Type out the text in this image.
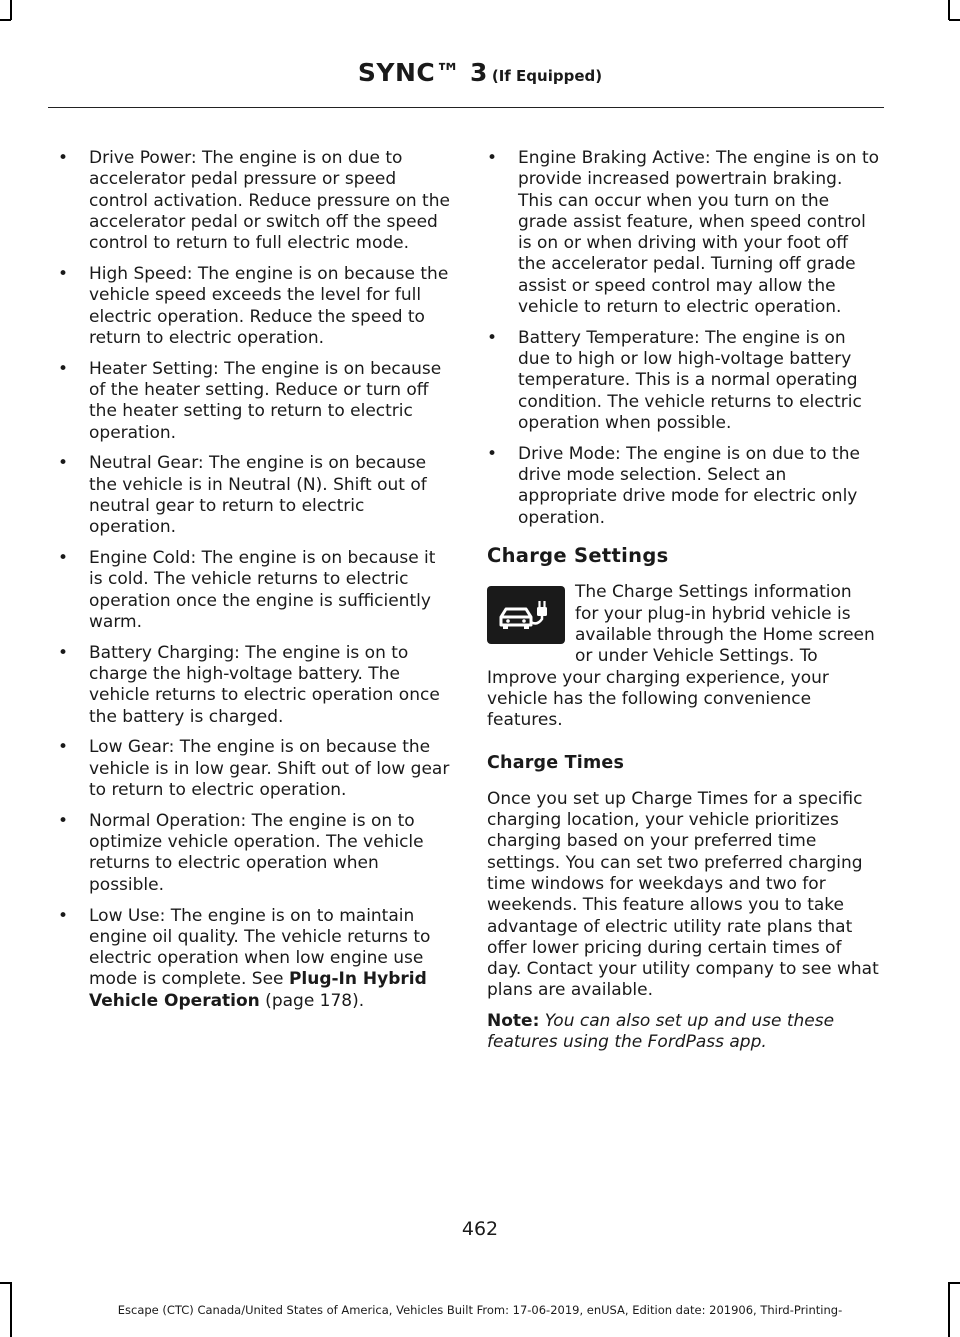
SYNC™ 3 (If Equipped)
• Drive Power: The engine is on due to accelerator pedal pressure or speed control activation. Reduce pressure on the accelerator pedal or switch off the speed control to return to full electric mode.
• High Speed: The engine is on because the vehicle speed exceeds the level for full electric operation. Reduce the speed to return to electric operation.
• Heater Setting: The engine is on because of the heater setting. Reduce or turn off the heater setting to return to electric operation.
• Neutral Gear: The engine is on because the vehicle is in Neutral (N). Shift out of neutral gear to return to electric operation.
• Engine Cold: The engine is on because it is cold. The vehicle returns to electric operation once the engine is sufficiently warm.
• Battery Charging: The engine is on to charge the high-voltage battery. The vehicle returns to electric operation once the battery is charged.
• Low Gear: The engine is on because the vehicle is in low gear. Shift out of low gear to return to electric operation.
• Normal Operation: The engine is on to optimize vehicle operation. The vehicle returns to electric operation when possible.
• Low Use: The engine is on to maintain engine oil quality. The vehicle returns to electric operation when low engine use mode is complete. See Plug-In Hybrid Vehicle Operation (page 178).
• Engine Braking Active: The engine is on to provide increased powertrain braking. This can occur when you turn on the grade assist feature, when speed control is on or when driving with your foot off the accelerator pedal. Turning off grade assist or speed control may allow the vehicle to return to electric operation.
• Battery Temperature: The engine is on due to high or low high-voltage battery temperature. This is a normal operating condition. The vehicle returns to electric operation when possible.
• Drive Mode: The engine is on due to the drive mode selection. Select an appropriate drive mode for electric only operation.
Charge Settings
The Charge Settings information for your plug-in hybrid vehicle is available through the Home screen or under Vehicle Settings. To Improve your charging experience, your vehicle has the following convenience features.
Charge Times

Once you set up Charge Times for a specific charging location, your vehicle prioritizes charging based on your preferred time settings. You can set two preferred charging time windows for weekdays and two for weekends. This feature allows you to take advantage of electric utility rate plans that offer lower pricing during certain times of day. Contact your utility company to see what plans are available.

Note: You can also set up and use these features using the FordPass app.

462
Escape (CTC) Canada/United States of America, Vehicles Built From: 17-06-2019, enUSA, Edition date: 201906, Third-Printing-
